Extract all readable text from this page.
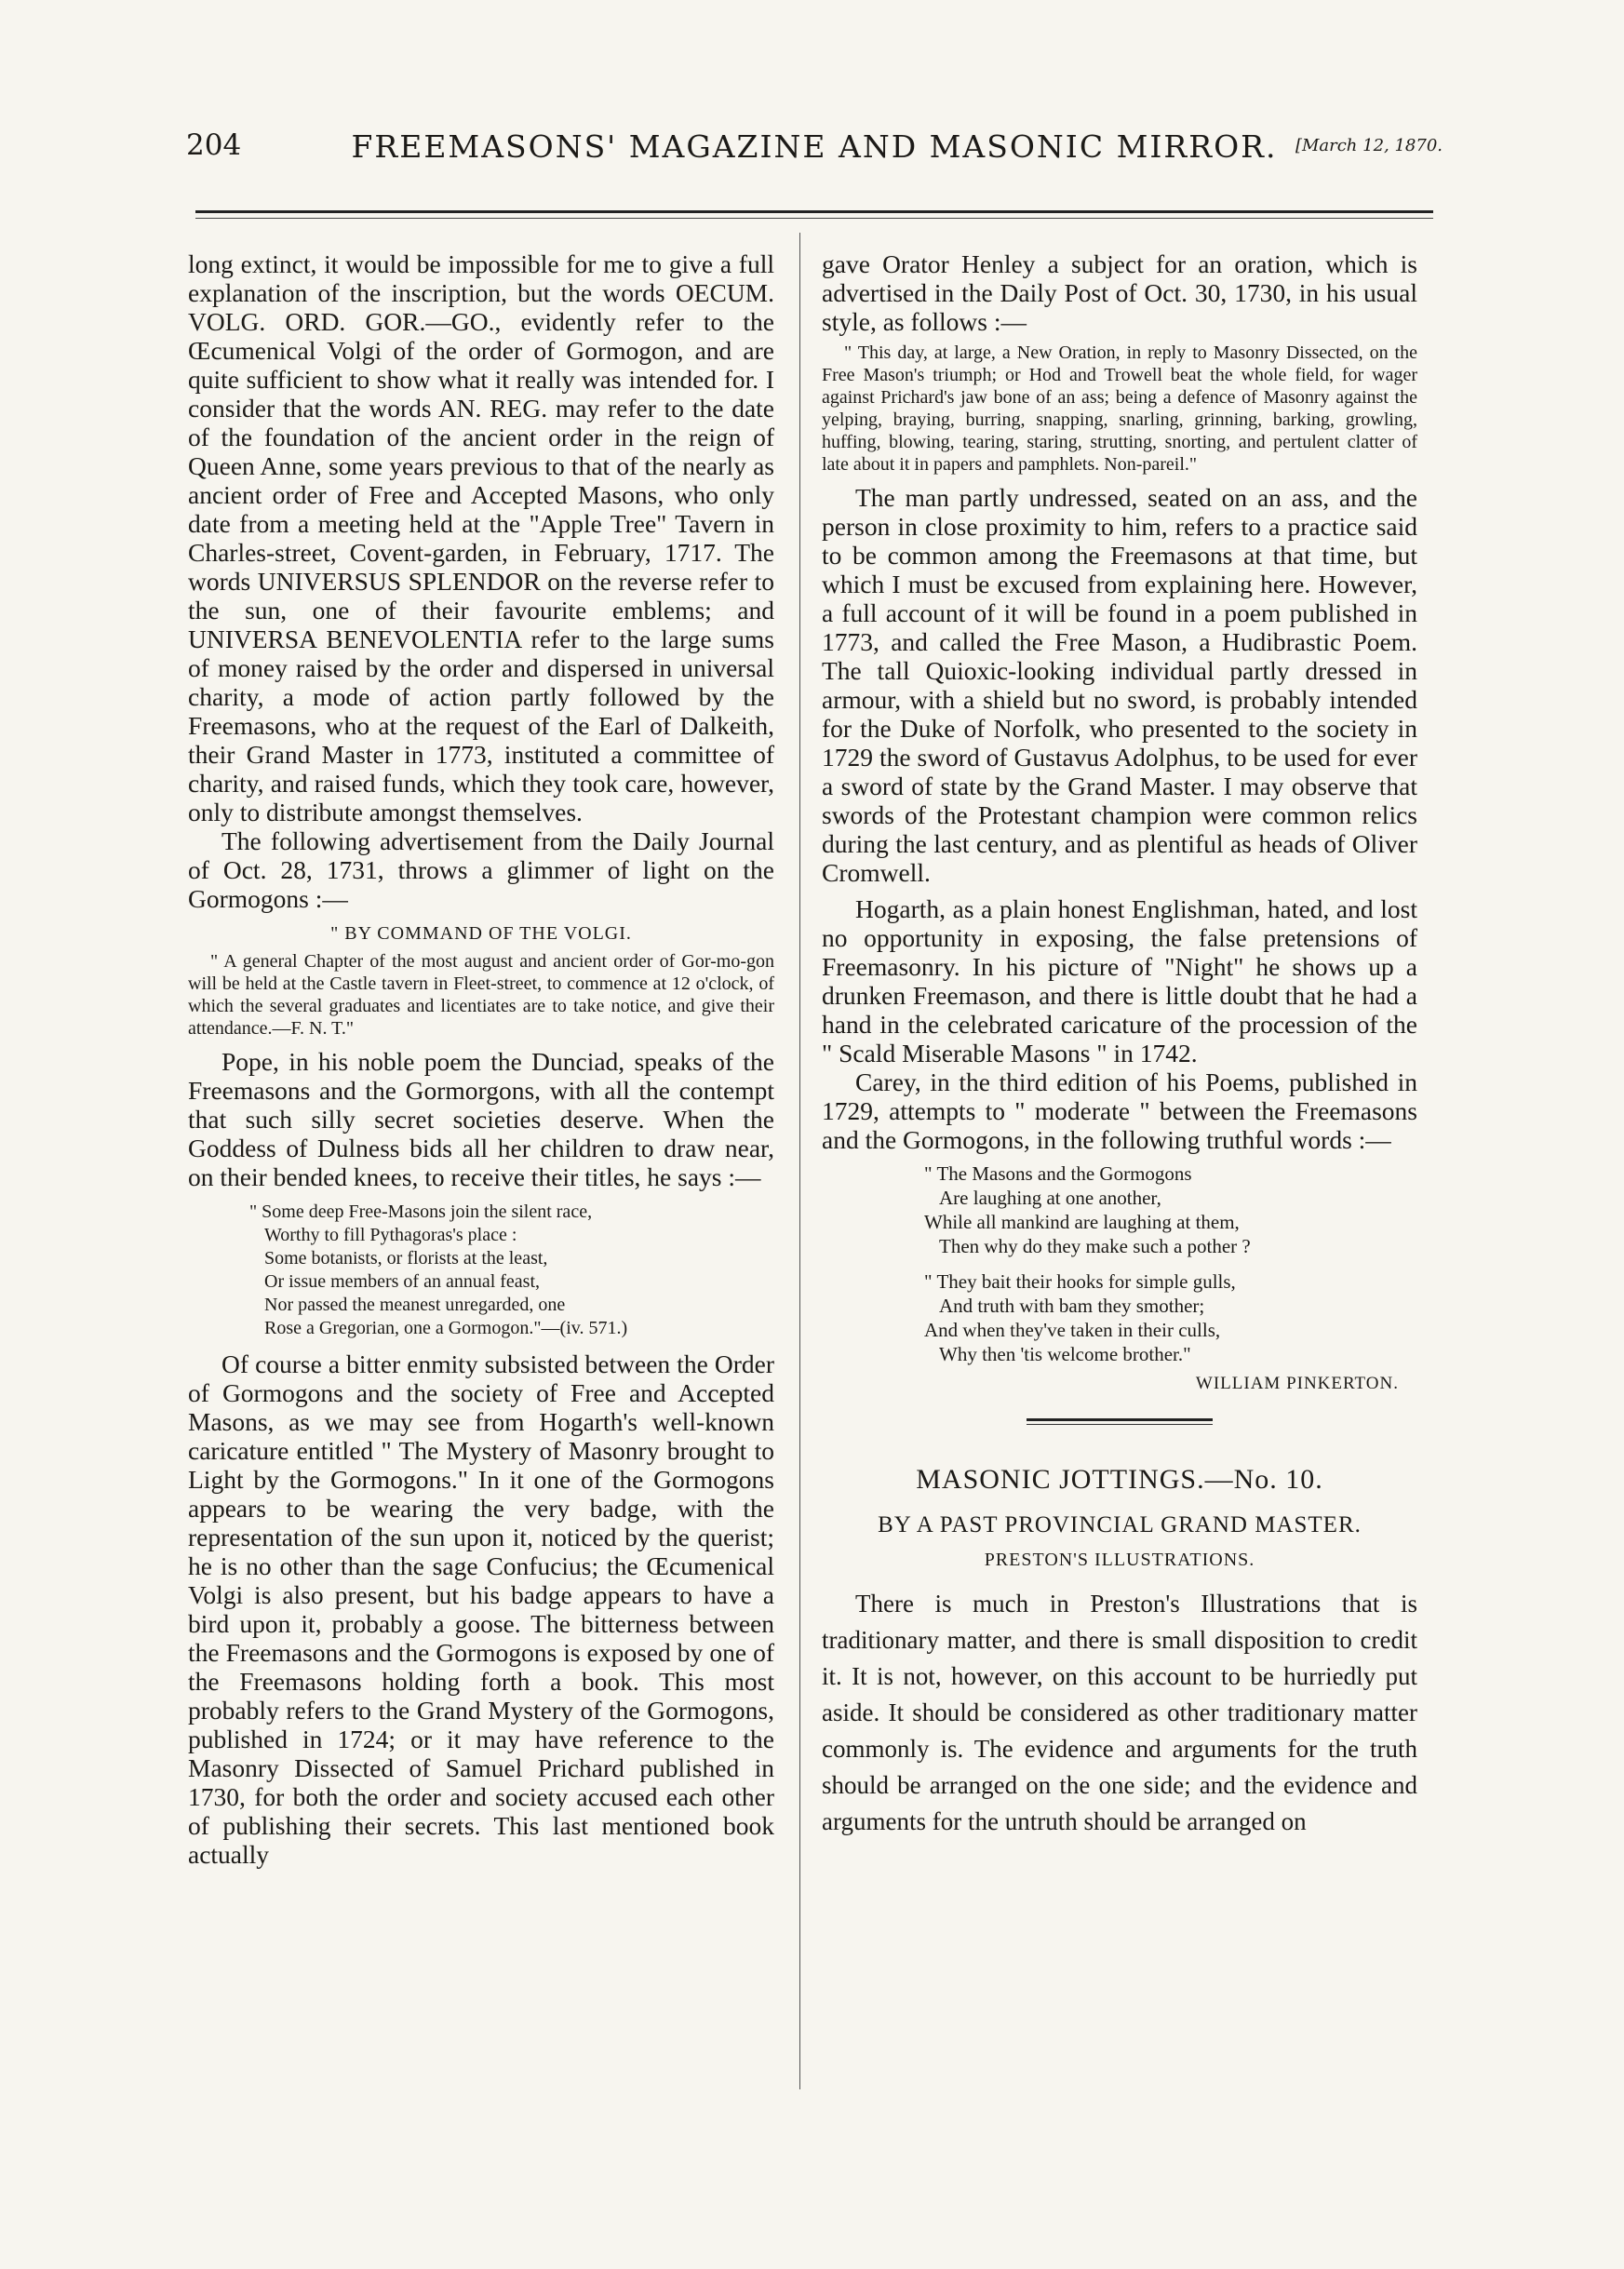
204	FREEMASONS' MAGAZINE AND MASONIC MIRROR.	[March 12, 1870.

long extinct, it would be impossible for me to give a full explanation of the inscription, but the words OECUM. VOLG. ORD. GOR.—GO., evidently refer to the Œcumenical Volgi of the order of Gormogon, and are quite sufficient to show what it really was intended for. I consider that the words AN. REG. may refer to the date of the foundation of the ancient order in the reign of Queen Anne, some years previous to that of the nearly as ancient order of Free and Accepted Masons, who only date from a meeting held at the "Apple Tree" Tavern in Charles-street, Covent-garden, in February, 1717. The words UNIVERSUS SPLENDOR on the reverse refer to the sun, one of their favourite emblems; and UNIVERSA BENEVOLENTIA refer to the large sums of money raised by the order and dispersed in universal charity, a mode of action partly followed by the Freemasons, who at the request of the Earl of Dalkeith, their Grand Master in 1773, instituted a committee of charity, and raised funds, which they took care, however, only to distribute amongst themselves.

The following advertisement from the Daily Journal of Oct. 28, 1731, throws a glimmer of light on the Gormogons :—

" BY COMMAND OF THE VOLGI.
" A general Chapter of the most august and ancient order of Gor-mo-gon will be held at the Castle tavern in Fleet-street, to commence at 12 o'clock, of which the several graduates and licentiates are to take notice, and give their attendance.—F. N. T."

Pope, in his noble poem the Dunciad, speaks of the Freemasons and the Gormorgons, with all the contempt that such silly secret societies deserve. When the Goddess of Dulness bids all her children to draw near, on their bended knees, to receive their titles, he says :—

" Some deep Free-Masons join the silent race,
Worthy to fill Pythagoras's place :
Some botanists, or florists at the least,
Or issue members of an annual feast,
Nor passed the meanest unregarded, one
Rose a Gregorian, one a Gormogon."—(iv. 571.)

Of course a bitter enmity subsisted between the Order of Gormogons and the society of Free and Accepted Masons, as we may see from Hogarth's well-known caricature entitled " The Mystery of Masonry brought to Light by the Gormogons." In it one of the Gormogons appears to be wearing the very badge, with the representation of the sun upon it, noticed by the querist; he is no other than the sage Confucius; the Œcumenical Volgi is also present, but his badge appears to have a bird upon it, probably a goose. The bitterness between the Freemasons and the Gormogons is exposed by one of the Freemasons holding forth a book. This most probably refers to the Grand Mystery of the Gormogons, published in 1724; or it may have reference to the Masonry Dissected of Samuel Prichard published in 1730, for both the order and society accused each other of publishing their secrets. This last mentioned book actually

gave Orator Henley a subject for an oration, which is advertised in the Daily Post of Oct. 30, 1730, in his usual style, as follows :—

" This day, at large, a New Oration, in reply to Masonry Dissected, on the Free Mason's triumph; or Hod and Trowell beat the whole field, for wager against Prichard's jaw bone of an ass; being a defence of Masonry against the yelping, braying, burring, snapping, snarling, grinning, barking, growling, huffing, blowing, tearing, staring, strutting, snorting, and pertulent clatter of late about it in papers and pamphlets. Non-pareil."

The man partly undressed, seated on an ass, and the person in close proximity to him, refers to a practice said to be common among the Freemasons at that time, but which I must be excused from explaining here. However, a full account of it will be found in a poem published in 1773, and called the Free Mason, a Hudibrastic Poem. The tall Quioxic-looking individual partly dressed in armour, with a shield but no sword, is probably intended for the Duke of Norfolk, who presented to the society in 1729 the sword of Gustavus Adolphus, to be used for ever a sword of state by the Grand Master. I may observe that swords of the Protestant champion were common relics during the last century, and as plentiful as heads of Oliver Cromwell.

Hogarth, as a plain honest Englishman, hated, and lost no opportunity in exposing, the false pretensions of Freemasonry. In his picture of "Night" he shows up a drunken Freemason, and there is little doubt that he had a hand in the celebrated caricature of the procession of the " Scald Miserable Masons " in 1742.

Carey, in the third edition of his Poems, published in 1729, attempts to " moderate " between the Freemasons and the Gormogons, in the following truthful words :—

" The Masons and the Gormogons
Are laughing at one another,
While all mankind are laughing at them,
Then why do they make such a pother ?
" They bait their hooks for simple gulls,
And truth with bam they smother;
And when they've taken in their culls,
Why then 'tis welcome brother."
WILLIAM PINKERTON.
MASONIC JOTTINGS.—No. 10.
BY A PAST PROVINCIAL GRAND MASTER.
PRESTON'S ILLUSTRATIONS.

There is much in Preston's Illustrations that is traditionary matter, and there is small disposition to credit it. It is not, however, on this account to be hurriedly put aside. It should be considered as other traditionary matter commonly is. The evidence and arguments for the truth should be arranged on the one side; and the evidence and arguments for the untruth should be arranged on
